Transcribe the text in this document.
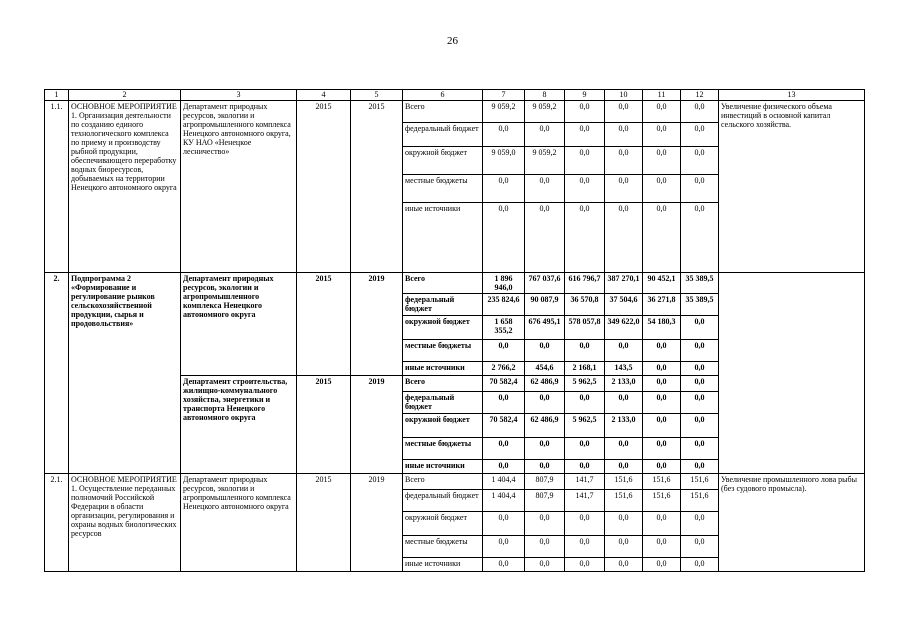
26
1	2	3	4	5	6	7	8	9	10	11	12	13
1.1.	ОСНОВНОЕ МЕРОПРИЯТИЕ 1. Организация деятельности по созданию единого технологического комплекса по приему и производству рыбной продукции, обеспечивающего переработку водных биоресурсов, добываемых на территории Ненецкого автономного округа	Департамент природных ресурсов, экологии и агропромышленного комплекса Ненецкого автономного округа, КУ НАО «Ненецкое лесничество»	2015	2015	Всего	9 059,2	9 059,2	0,0	0,0	0,0	0,0	Увеличение физического объема инвестиций в основной капитал сельского хозяйства.
					федеральный бюджет	0,0	0,0	0,0	0,0	0,0	0,0	
					окружной бюджет	9 059,0	9 059,2	0,0	0,0	0,0	0,0	
					местные бюджеты	0,0	0,0	0,0	0,0	0,0	0,0	
					иные источники	0,0	0,0	0,0	0,0	0,0	0,0	
2.	Подпрограмма 2 «Формирование и регулирование рынков сельскохозяйственной продукции, сырья и продовольствия»	Департамент природных ресурсов, экологии и агропромышленного комплекса Ненецкого автономного округа	2015	2019	Всего	1 896 946,0	767 037,6	616 796,7	387 270,1	90 452,1	35 389,5	
					федеральный бюджет	235 824,6	90 087,9	36 570,8	37 504,6	36 271,8	35 389,5	
					окружной бюджет	1 658 355,2	676 495,1	578 057,8	349 622,0	54 180,3	0,0	
					местные бюджеты	0,0	0,0	0,0	0,0	0,0	0,0	
					иные источники	2 766,2	454,6	2 168,1	143,5	0,0	0,0	
		Департамент строительства, жилищно-коммунального хозяйства, энергетики и транспорта Ненецкого автономного округа	2015	2019	Всего	70 582,4	62 486,9	5 962,5	2 133,0	0,0	0,0	
					федеральный бюджет	0,0	0,0	0,0	0,0	0,0	0,0	
					окружной бюджет	70 582,4	62 486,9	5 962,5	2 133,0	0,0	0,0	
					местные бюджеты	0,0	0,0	0,0	0,0	0,0	0,0	
					иные источники	0,0	0,0	0,0	0,0	0,0	0,0	
2.1.	ОСНОВНОЕ МЕРОПРИЯТИЕ 1. Осуществление переданных полномочий Российской Федерации в области организации, регулирования и охраны водных биологических ресурсов	Департамент природных ресурсов, экологии и агропромышленного комплекса Ненецкого автономного округа	2015	2019	Всего	1 404,4	807,9	141,7	151,6	151,6	151,6	Увеличение промышленного лова рыбы (без судового промысла).
					федеральный бюджет	1 404,4	807,9	141,7	151,6	151,6	151,6	
					окружной бюджет	0,0	0,0	0,0	0,0	0,0	0,0	
					местные бюджеты	0,0	0,0	0,0	0,0	0,0	0,0	
					иные источники	0,0	0,0	0,0	0,0	0,0	0,0	
